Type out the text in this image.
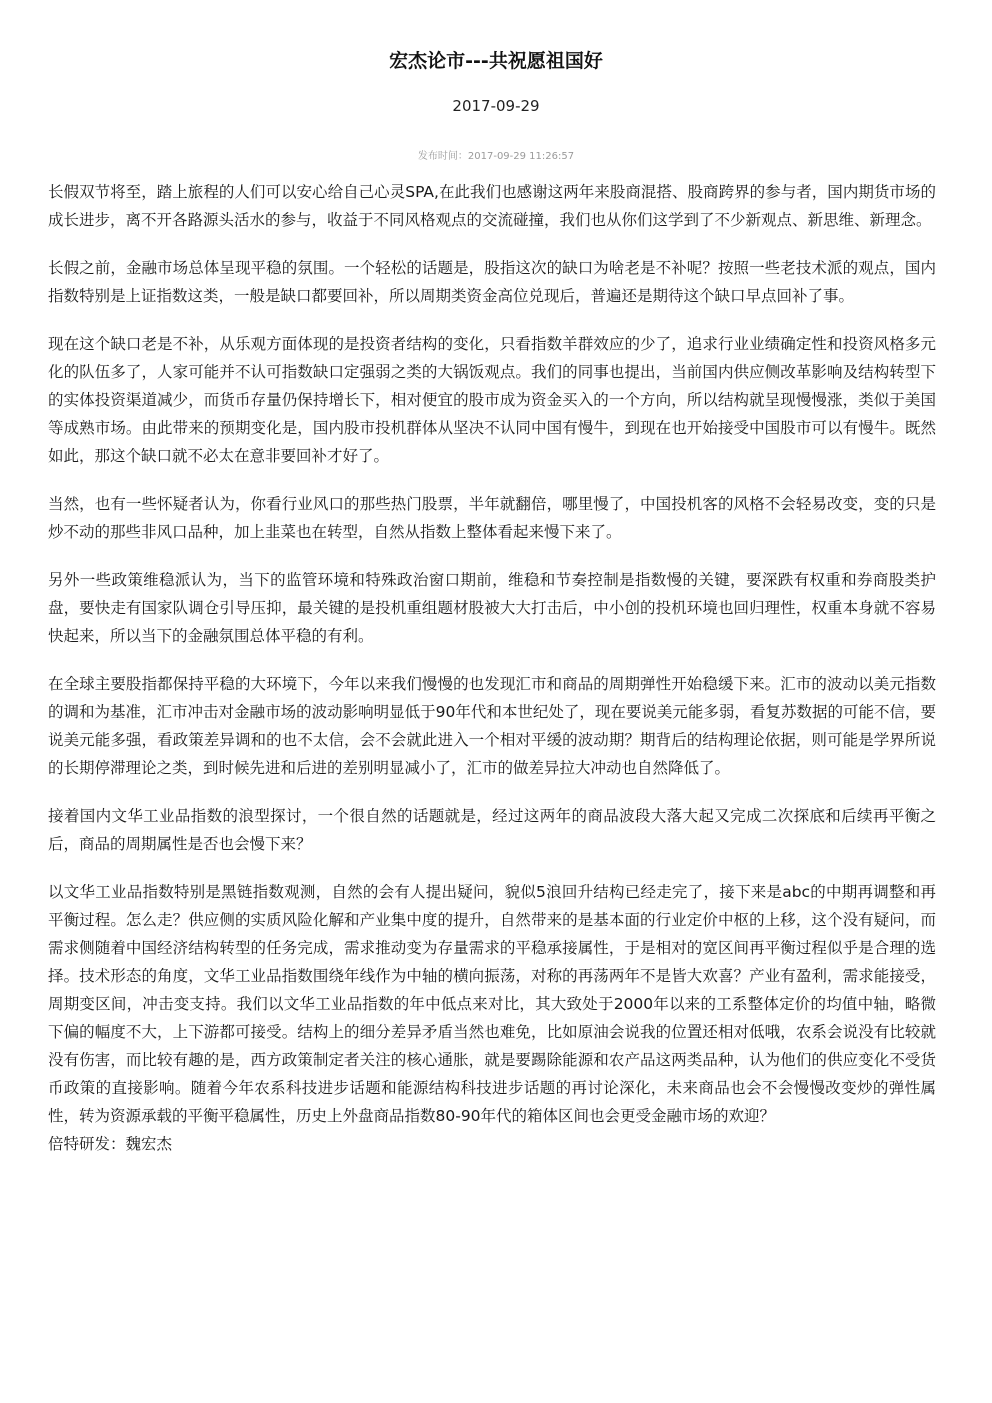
宏杰论市---共祝愿祖国好
2017-09-29
发布时间：2017-09-29 11:26:57

长假双节将至，踏上旅程的人们可以安心给自己心灵SPA,在此我们也感谢这两年来股商混搭、股商跨界的参与者，国内期货市场的成长进步，离不开各路源头活水的参与，收益于不同风格观点的交流碰撞，我们也从你们这学到了不少新观点、新思维、新理念。

长假之前，金融市场总体呈现平稳的氛围。一个轻松的话题是，股指这次的缺口为啥老是不补呢？按照一些老技术派的观点，国内指数特别是上证指数这类，一般是缺口都要回补，所以周期类资金高位兑现后，普遍还是期待这个缺口早点回补了事。

现在这个缺口老是不补，从乐观方面体现的是投资者结构的变化，只看指数羊群效应的少了，追求行业业绩确定性和投资风格多元化的队伍多了，人家可能并不认可指数缺口定强弱之类的大锅饭观点。我们的同事也提出，当前国内供应侧改革影响及结构转型下的实体投资渠道减少，而货币存量仍保持增长下，相对便宜的股市成为资金买入的一个方向，所以结构就呈现慢慢涨，类似于美国等成熟市场。由此带来的预期变化是，国内股市投机群体从坚决不认同中国有慢牛，到现在也开始接受中国股市可以有慢牛。既然如此，那这个缺口就不必太在意非要回补才好了。

当然，也有一些怀疑者认为，你看行业风口的那些热门股票，半年就翻倍，哪里慢了，中国投机客的风格不会轻易改变，变的只是炒不动的那些非风口品种，加上韭菜也在转型，自然从指数上整体看起来慢下来了。

另外一些政策维稳派认为，当下的监管环境和特殊政治窗口期前，维稳和节奏控制是指数慢的关键，要深跌有权重和券商股类护盘，要快走有国家队调仓引导压抑，最关键的是投机重组题材股被大大打击后，中小创的投机环境也回归理性，权重本身就不容易快起来，所以当下的金融氛围总体平稳的有利。

在全球主要股指都保持平稳的大环境下，今年以来我们慢慢的也发现汇市和商品的周期弹性开始稳缓下来。汇市的波动以美元指数的调和为基准，汇市冲击对金融市场的波动影响明显低于90年代和本世纪处了，现在要说美元能多弱，看复苏数据的可能不信，要说美元能多强，看政策差异调和的也不太信，会不会就此进入一个相对平缓的波动期？期背后的结构理论依据，则可能是学界所说的长期停滞理论之类，到时候先进和后进的差别明显减小了，汇市的做差异拉大冲动也自然降低了。

接着国内文华工业品指数的浪型探讨，一个很自然的话题就是，经过这两年的商品波段大落大起又完成二次探底和后续再平衡之后，商品的周期属性是否也会慢下来？

以文华工业品指数特别是黑链指数观测，自然的会有人提出疑问，貌似5浪回升结构已经走完了，接下来是abc的中期再调整和再平衡过程。怎么走？供应侧的实质风险化解和产业集中度的提升，自然带来的是基本面的行业定价中枢的上移，这个没有疑问，而需求侧随着中国经济结构转型的任务完成，需求推动变为存量需求的平稳承接属性，于是相对的宽区间再平衡过程似乎是合理的选择。技术形态的角度，文华工业品指数围绕年线作为中轴的横向振荡，对称的再荡两年不是皆大欢喜？产业有盈利，需求能接受，周期变区间，冲击变支持。我们以文华工业品指数的年中低点来对比，其大致处于2000年以来的工系整体定价的均值中轴，略微下偏的幅度不大，上下游都可接受。结构上的细分差异矛盾当然也难免，比如原油会说我的位置还相对低哦，农系会说没有比较就没有伤害，而比较有趣的是，西方政策制定者关注的核心通胀，就是要踢除能源和农产品这两类品种，认为他们的供应变化不受货币政策的直接影响。随着今年农系科技进步话题和能源结构科技进步话题的再讨论深化，未来商品也会不会慢慢改变炒的弹性属性，转为资源承载的平衡平稳属性，历史上外盘商品指数80-90年代的箱体区间也会更受金融市场的欢迎？

倍特研发：魏宏杰
